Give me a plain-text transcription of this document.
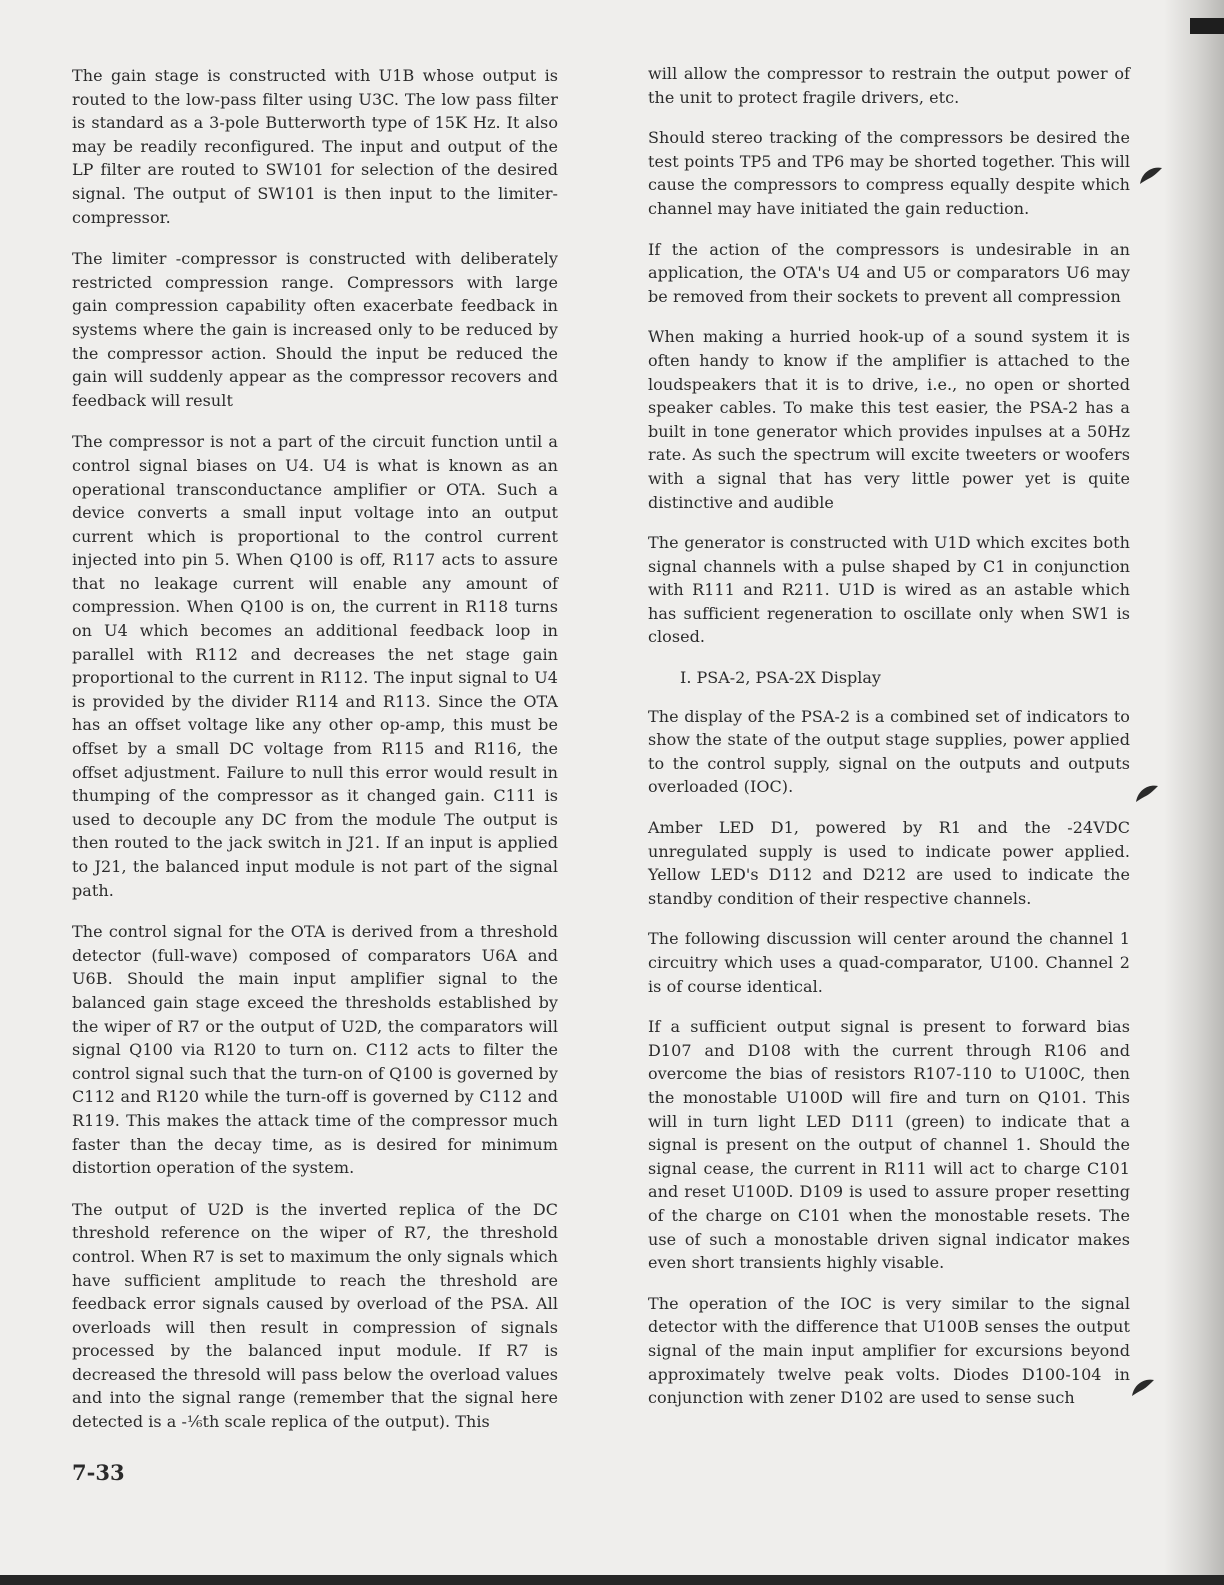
The gain stage is constructed with U1B whose output is routed to the low-pass filter using U3C. The low pass filter is standard as a 3-pole Butterworth type of 15K Hz. It also may be readily reconfigured. The input and output of the LP filter are routed to SW101 for selection of the desired signal. The output of SW101 is then input to the limiter-compressor.

The limiter -compressor is constructed with deliberately restricted compression range. Compressors with large gain compression capability often exacerbate feedback in systems where the gain is increased only to be reduced by the compressor action. Should the input be reduced the gain will suddenly appear as the compressor recovers and feedback will result

The compressor is not a part of the circuit function until a control signal biases on U4. U4 is what is known as an operational transconductance amplifier or OTA. Such a device converts a small input voltage into an output current which is proportional to the control current injected into pin 5. When Q100 is off, R117 acts to assure that no leakage current will enable any amount of compression. When Q100 is on, the current in R118 turns on U4 which becomes an additional feedback loop in parallel with R112 and decreases the net stage gain proportional to the current in R112. The input signal to U4 is provided by the divider R114 and R113. Since the OTA has an offset voltage like any other op-amp, this must be offset by a small DC voltage from R115 and R116, the offset adjustment. Failure to null this error would result in thumping of the compressor as it changed gain. C111 is used to decouple any DC from the module The output is then routed to the jack switch in J21. If an input is applied to J21, the balanced input module is not part of the signal path.

The control signal for the OTA is derived from a threshold detector (full-wave) composed of comparators U6A and U6B. Should the main input amplifier signal to the balanced gain stage exceed the thresholds established by the wiper of R7 or the output of U2D, the comparators will signal Q100 via R120 to turn on. C112 acts to filter the control signal such that the turn-on of Q100 is governed by C112 and R120 while the turn-off is governed by C112 and R119. This makes the attack time of the compressor much faster than the decay time, as is desired for minimum distortion operation of the system.

The output of U2D is the inverted replica of the DC threshold reference on the wiper of R7, the threshold control. When R7 is set to maximum the only signals which have sufficient amplitude to reach the threshold are feedback error signals caused by overload of the PSA. All overloads will then result in compression of signals processed by the balanced input module. If R7 is decreased the thresold will pass below the overload values and into the signal range (remember that the signal here detected is a -⅙th scale replica of the output). This

will allow the compressor to restrain the output power of the unit to protect fragile drivers, etc.

Should stereo tracking of the compressors be desired the test points TP5 and TP6 may be shorted together. This will cause the compressors to compress equally despite which channel may have initiated the gain reduction.

If the action of the compressors is undesirable in an application, the OTA's U4 and U5 or comparators U6 may be removed from their sockets to prevent all compression

When making a hurried hook-up of a sound system it is often handy to know if the amplifier is attached to the loudspeakers that it is to drive, i.e., no open or shorted speaker cables. To make this test easier, the PSA-2 has a built in tone generator which provides inpulses at a 50Hz rate. As such the spectrum will excite tweeters or woofers with a signal that has very little power yet is quite distinctive and audible

The generator is constructed with U1D which excites both signal channels with a pulse shaped by C1 in conjunction with R111 and R211. U1D is wired as an astable which has sufficient regeneration to oscillate only when SW1 is closed.

I. PSA-2, PSA-2X Display

The display of the PSA-2 is a combined set of indicators to show the state of the output stage supplies, power applied to the control supply, signal on the outputs and outputs overloaded (IOC).

Amber LED D1, powered by R1 and the -24VDC unregulated supply is used to indicate power applied. Yellow LED's D112 and D212 are used to indicate the standby condition of their respective channels.

The following discussion will center around the channel 1 circuitry which uses a quad-comparator, U100. Channel 2 is of course identical.

If a sufficient output signal is present to forward bias D107 and D108 with the current through R106 and overcome the bias of resistors R107-110 to U100C, then the monostable U100D will fire and turn on Q101. This will in turn light LED D111 (green) to indicate that a signal is present on the output of channel 1. Should the signal cease, the current in R111 will act to charge C101 and reset U100D. D109 is used to assure proper resetting of the charge on C101 when the monostable resets. The use of such a monostable driven signal indicator makes even short transients highly visable.

The operation of the IOC is very similar to the signal detector with the difference that U100B senses the output signal of the main input amplifier for excursions beyond approximately twelve peak volts. Diodes D100-104 in conjunction with zener D102 are used to sense such

7-33
